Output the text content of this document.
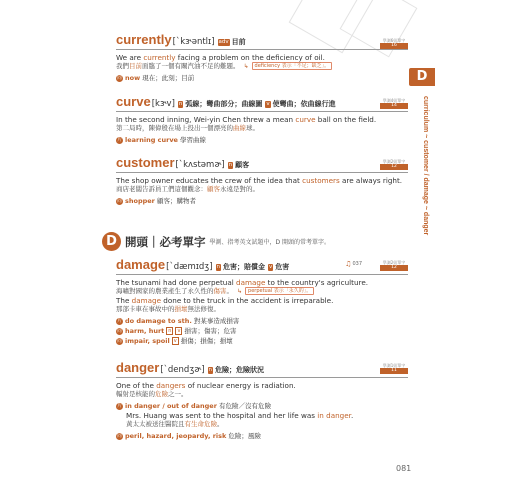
D
curriculum ~ customer / damage ~ danger
學測6級單字
16
currently [ˋkɝəntlɪ] adv 目前
We are currently facing a problem on the deficiency of oil.
我們目前面臨了一個有關汽油不足的難題。 ↳ deficiency 表示「不足；缺乏」。
同 now 現在；此刻；目前
學測4級單字
14
curve [kɝv] n 弧線；彎曲部分；曲線圖 v 使彎曲；依曲線行進
In the second inning, Wei-yin Chen threw a mean curve ball on the field.
第二局時，陳偉殷在場上投出一個漂亮的曲線球。
片 learning curve 學習曲線
學測2級單字
12
customer [ˋkʌstəmɚ] n 顧客
The shop owner educates the crew of the idea that customers are always right.
商店老闆告訴員工們這個觀念：顧客永遠是對的。
同 shopper 顧客；購物者
D 開頭｜必考單字 學測、指考英文試題中，D 開頭的常考單字。
♫ 037	學測2級單字
12
damage [ˋdæmɪdʒ] n 危害；賠償金 v 危害
The tsunami had done perpetual damage to the country's agriculture.
海嘯對國家的農業產生了永久性的傷害。 ↳ perpetual 表示「永久的」。
The damage done to the truck in the accident is irreparable.
那部卡車在事故中的損壞無法修復。
片 do damage to sth. 對某事造成損害
同 harm, hurt n v 損害；傷害；危害
同 impair, spoil v 損傷；損傷；損壞
學測1級單字
11
danger [ˋdendʒɚ] n 危險；危險狀況
One of the dangers of nuclear energy is radiation.
輻射是核能的危險之一。
片 in danger / out of danger 有危險／沒有危險
Mrs. Huang was sent to the hospital and her life was in danger.
黃太太被送往醫院且有生命危險。
同 peril, hazard, jeopardy, risk 危險；風險
081
